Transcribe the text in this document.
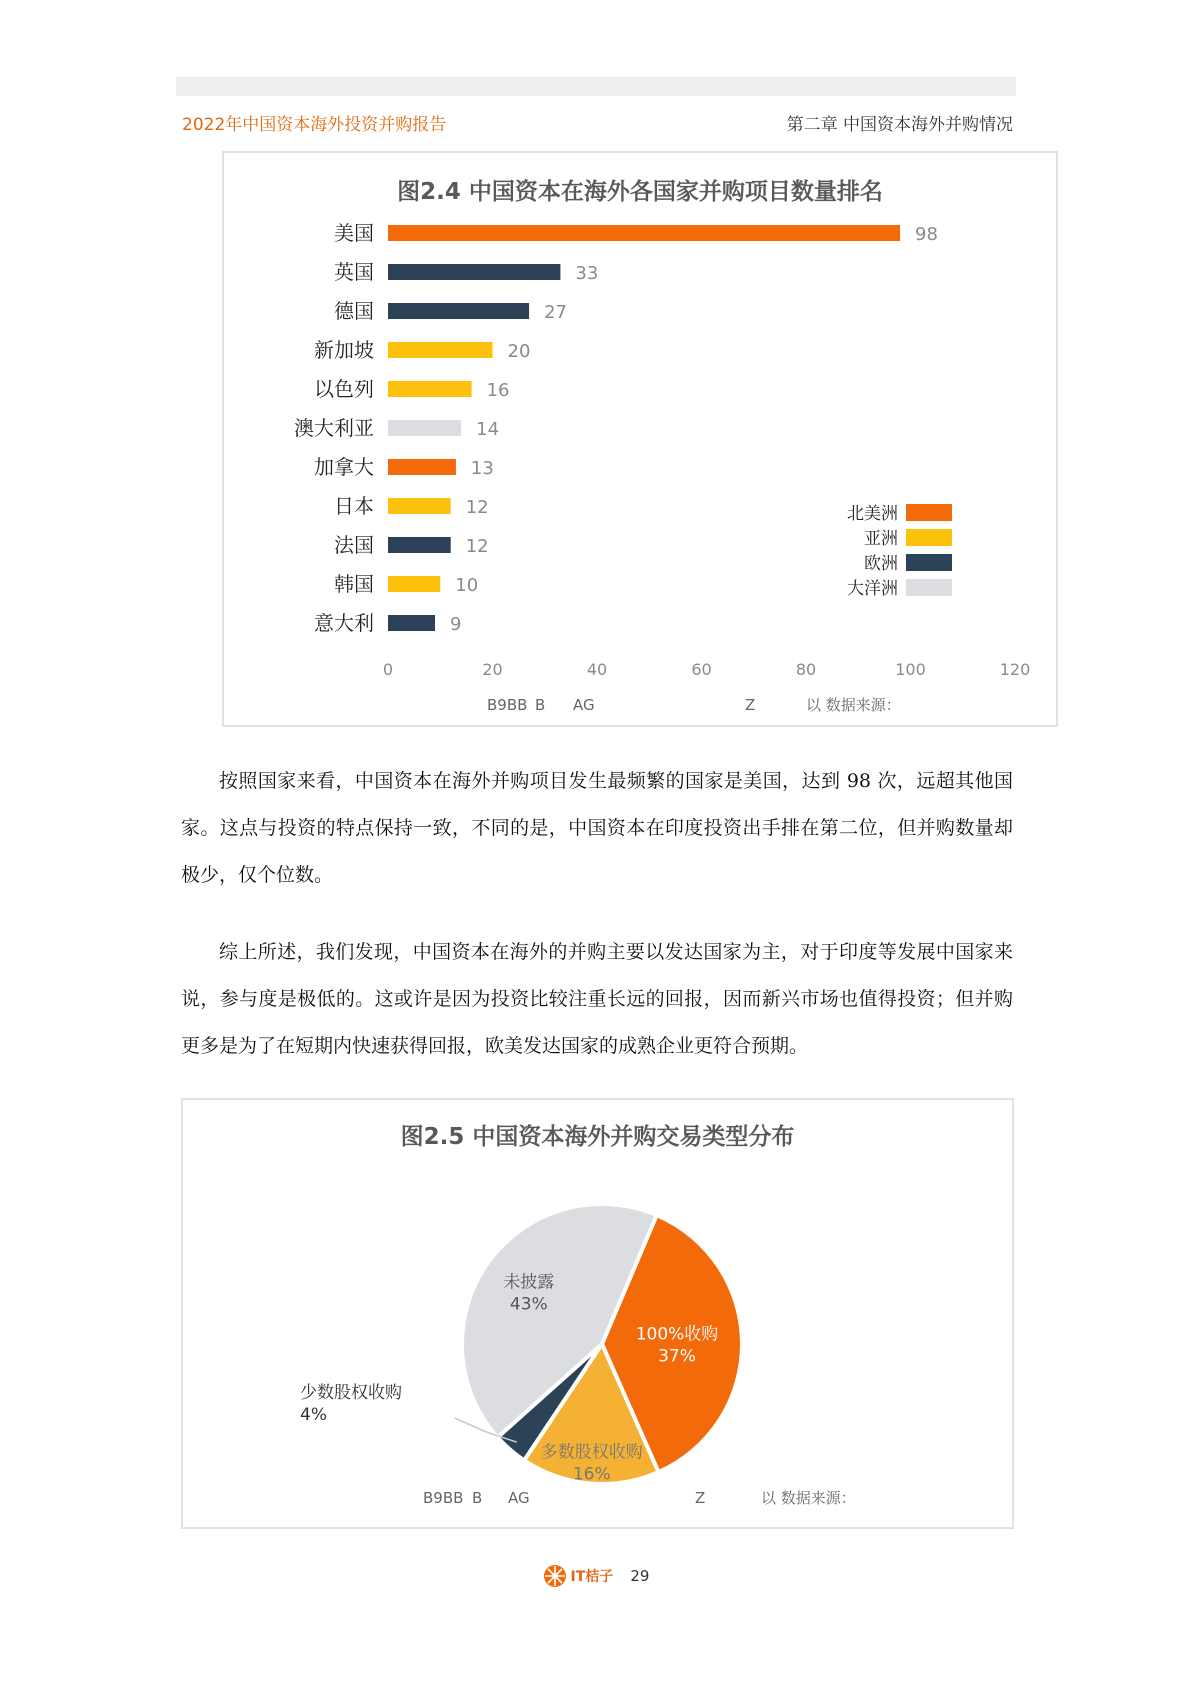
2022年中国资本海外投资并购报告	第二章 中国资本海外并购情况
图2.4 中国资本在海外各国家并购项目数量排名
美国	98
英国	33
德国	27
新加坡	20
以色列	16
澳大利亚	14
加拿大	13
日本	12
法国	12
韩国	10
意大利	9
北美洲
亚洲
欧洲
大洋洲
0	20	40	60	80	100	120
B9BB B AG	Z	以 数据来源：

按照国家来看，中国资本在海外并购项目发生最频繁的国家是美国，达到 98 次，远超其他国家。这点与投资的特点保持一致，不同的是，中国资本在印度投资出手排在第二位，但并购数量却极少，仅个位数。

综上所述，我们发现，中国资本在海外的并购主要以发达国家为主，对于印度等发展中国家来说，参与度是极低的。这或许是因为投资比较注重长远的回报，因而新兴市场也值得投资；但并购更多是为了在短期内快速获得回报，欧美发达国家的成熟企业更符合预期。

图2.5 中国资本海外并购交易类型分布
100%收购
37%
多数股权收购
16%
少数股权收购
4%
未披露
43%
B9BB B AG	Z	以 数据来源：
IT桔子 29
